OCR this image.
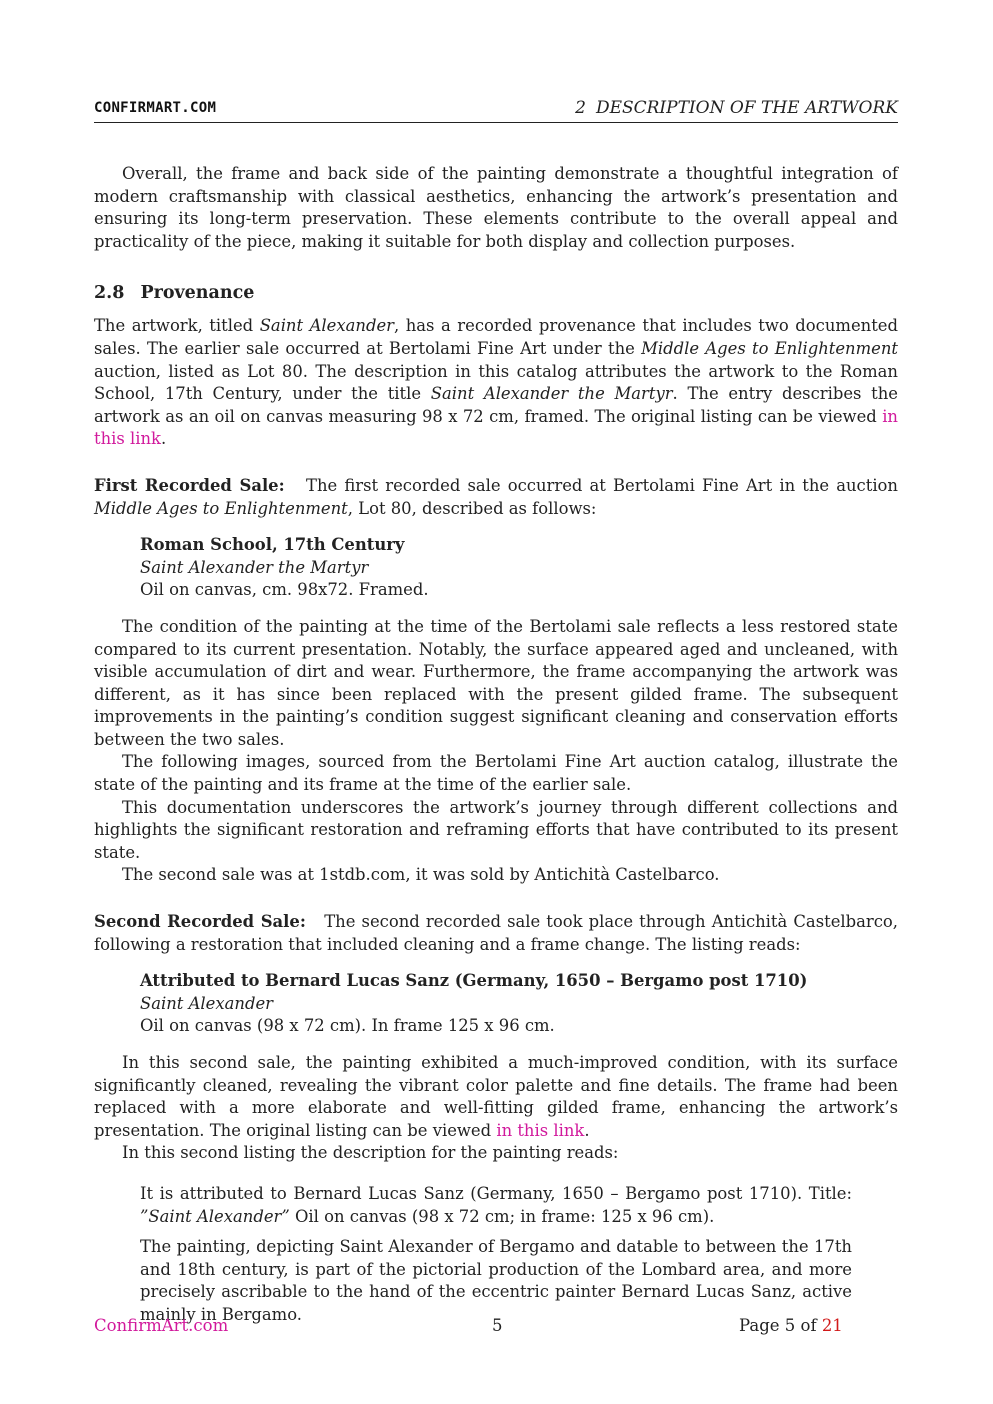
CONFIRMART.COM	2 DESCRIPTION OF THE ARTWORK

Overall, the frame and back side of the painting demonstrate a thoughtful integration of modern craftsmanship with classical aesthetics, enhancing the artwork’s presentation and ensuring its long-term preservation. These elements contribute to the overall appeal and practicality of the piece, making it suitable for both display and collection purposes.

2.8 Provenance

The artwork, titled Saint Alexander, has a recorded provenance that includes two documented sales. The earlier sale occurred at Bertolami Fine Art under the Middle Ages to Enlightenment auction, listed as Lot 80. The description in this catalog attributes the artwork to the Roman School, 17th Century, under the title Saint Alexander the Martyr. The entry describes the artwork as an oil on canvas measuring 98 x 72 cm, framed. The original listing can be viewed in this link.

First Recorded Sale: The first recorded sale occurred at Bertolami Fine Art in the auction Middle Ages to Enlightenment, Lot 80, described as follows:

Roman School, 17th Century
Saint Alexander the Martyr
Oil on canvas, cm. 98x72. Framed.

The condition of the painting at the time of the Bertolami sale reflects a less restored state compared to its current presentation. Notably, the surface appeared aged and uncleaned, with visible accumulation of dirt and wear. Furthermore, the frame accompanying the artwork was different, as it has since been replaced with the present gilded frame. The subsequent improvements in the painting’s condition suggest significant cleaning and conservation efforts between the two sales.

The following images, sourced from the Bertolami Fine Art auction catalog, illustrate the state of the painting and its frame at the time of the earlier sale.

This documentation underscores the artwork’s journey through different collections and highlights the significant restoration and reframing efforts that have contributed to its present state.

The second sale was at 1stdb.com, it was sold by Antichità Castelbarco.

Second Recorded Sale: The second recorded sale took place through Antichità Castelbarco, following a restoration that included cleaning and a frame change. The listing reads:

Attributed to Bernard Lucas Sanz (Germany, 1650 – Bergamo post 1710)
Saint Alexander
Oil on canvas (98 x 72 cm). In frame 125 x 96 cm.

In this second sale, the painting exhibited a much-improved condition, with its surface significantly cleaned, revealing the vibrant color palette and fine details. The frame had been replaced with a more elaborate and well-fitting gilded frame, enhancing the artwork’s presentation. The original listing can be viewed in this link.

In this second listing the description for the painting reads:

It is attributed to Bernard Lucas Sanz (Germany, 1650 – Bergamo post 1710). Title: ”Saint Alexander” Oil on canvas (98 x 72 cm; in frame: 125 x 96 cm).

The painting, depicting Saint Alexander of Bergamo and datable to between the 17th and 18th century, is part of the pictorial production of the Lombard area, and more precisely ascribable to the hand of the eccentric painter Bernard Lucas Sanz, active mainly in Bergamo.

ConfirmArt.com	5	Page 5 of 21
